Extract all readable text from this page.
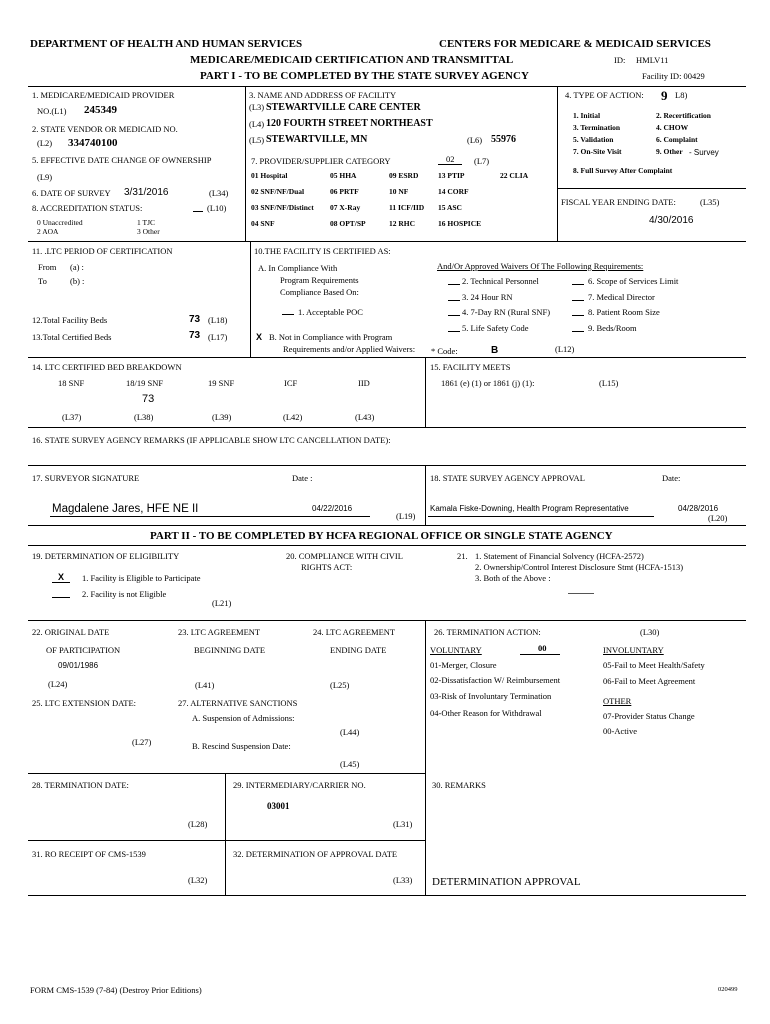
DEPARTMENT OF HEALTH AND HUMAN SERVICES	CENTERS FOR MEDICARE & MEDICAID SERVICES
MEDICARE/MEDICAID CERTIFICATION AND TRANSMITTAL	ID: HMLV11
PART I - TO BE COMPLETED BY THE STATE SURVEY AGENCY	Facility ID: 00429
1. MEDICARE/MEDICAID PROVIDER
NO.(L1) 245349
2. STATE VENDOR OR MEDICAID NO.
(L2) 334740100
5. EFFECTIVE DATE CHANGE OF OWNERSHIP
(L9)
6. DATE OF SURVEY 3/31/2016	(L34)
8. ACCREDITATION STATUS:	(L10)
0 Unaccredited	1 TJC
2 AOA	3 Other
3. NAME AND ADDRESS OF FACILITY
(L3) STEWARTVILLE CARE CENTER
(L4) 120 FOURTH STREET NORTHEAST
(L5) STEWARTVILLE, MN	(L6) 55976
7. PROVIDER/SUPPLIER CATEGORY	02 (L7)
01 Hospital	05 HHA	09 ESRD	13 PTIP	22 CLIA
02 SNF/NF/Dual	06 PRTF	10 NF	14 CORF
03 SNF/NF/Distinct 07 X-Ray	11 ICF/IID 15 ASC
04 SNF	08 OPT/SP	12 RHC	16 HOSPICE
4. TYPE OF ACTION: 9 L8)
1. Initial	2. Recertification
3. Termination	4. CHOW
5. Validation	6. Complaint
7. On-Site Visit	9. Other - Survey
8. Full Survey After Complaint
FISCAL YEAR ENDING DATE:	(L35)
4/30/2016
11. .LTC PERIOD OF CERTIFICATION
From (a) :
To	(b) :
12.Total Facility Beds	73 (L18)
13.Total Certified Beds	73 (L17)
10.THE FACILITY IS CERTIFIED AS:
A. In Compliance With
Program Requirements
Compliance Based On:
1. Acceptable POC
X B. Not in Compliance with Program
Requirements and/or Applied Waivers:
And/Or Approved Waivers Of The Following Requirements:
2. Technical Personnel
3. 24 Hour RN
4. 7-Day RN (Rural SNF)
5. Life Safety Code
6. Scope of Services Limit
7. Medical Director
8. Patient Room Size
9. Beds/Room
* Code:	B	(L12)
14. LTC CERTIFIED BED BREAKDOWN
18 SNF	18/19 SNF	19 SNF	ICF	IID
73
(L37)	(L38)	(L39)	(L42)	(L43)
15. FACILITY MEETS
1861 (e) (1) or 1861 (j) (1):	(L15)
16. STATE SURVEY AGENCY REMARKS (IF APPLICABLE SHOW LTC CANCELLATION DATE):
17. SURVEYOR SIGNATURE	Date :
Magdalene Jares, HFE NE II	04/22/2016
(L19)
18. STATE SURVEY AGENCY APPROVAL	Date:
Kamala Fiske-Downing, Health Program Representative	04/28/2016
(L20)
PART II - TO BE COMPLETED BY HCFA REGIONAL OFFICE OR SINGLE STATE AGENCY
19. DETERMINATION OF ELIGIBILITY
X 1. Facility is Eligible to Participate
2. Facility is not Eligible
(L21)
20. COMPLIANCE WITH CIVIL
RIGHTS ACT:
21. 1. Statement of Financial Solvency (HCFA-2572)
2. Ownership/Control Interest Disclosure Stmt (HCFA-1513)
3. Both of the Above :
22. ORIGINAL DATE
OF PARTICIPATION
09/01/1986
(L24)
23. LTC AGREEMENT
BEGINNING DATE
(L41)
24. LTC AGREEMENT
ENDING DATE
(L25)
25. LTC EXTENSION DATE:
(L27)
27. ALTERNATIVE SANCTIONS
A. Suspension of Admissions:
(L44)
B. Rescind Suspension Date:
(L45)
26. TERMINATION ACTION:	(L30)
VOLUNTARY	00	INVOLUNTARY
01-Merger, Closure
02-Dissatisfaction W/ Reimbursement
03-Risk of Involuntary Termination
04-Other Reason for Withdrawal
05-Fail to Meet Health/Safety
06-Fail to Meet Agreement
OTHER
07-Provider Status Change
00-Active
28. TERMINATION DATE:
(L28)
29. INTERMEDIARY/CARRIER NO.
03001
(L31)
30. REMARKS
31. RO RECEIPT OF CMS-1539
(L32)
32. DETERMINATION OF APPROVAL DATE
(L33) DETERMINATION APPROVAL
FORM CMS-1539 (7-84) (Destroy Prior Editions)	020499
